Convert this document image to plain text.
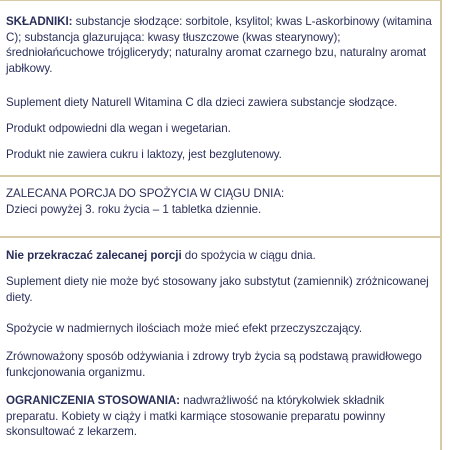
SKŁADNIKI: substancje słodzące: sorbitole, ksylitol; kwas L-askorbinowy (witamina C); substancja glazurująca: kwasy tłuszczowe (kwas stearynowy); średniołańcuchowe trójglicerydy; naturalny aromat czarnego bzu, naturalny aromat jabłkowy.

Suplement diety Naturell Witamina C dla dzieci zawiera substancje słodzące.

Produkt odpowiedni dla wegan i wegetarian.

Produkt nie zawiera cukru i laktozy, jest bezglutenowy.

ZALECANA PORCJA DO SPOŻYCIA W CIĄGU DNIA:

Dzieci powyżej 3. roku życia – 1 tabletka dziennie.

Nie przekraczać zalecanej porcji do spożycia w ciągu dnia.

Suplement diety nie może być stosowany jako substytut (zamiennik) zróżnicowanej diety.

Spożycie w nadmiernych ilościach może mieć efekt przeczyszczający.

Zrównoważony sposób odżywiania i zdrowy tryb życia są podstawą prawidłowego funkcjonowania organizmu.

OGRANICZENIA STOSOWANIA: nadwrażliwość na którykolwiek składnik preparatu. Kobiety w ciąży i matki karmiące stosowanie preparatu powinny skonsultować z lekarzem.
